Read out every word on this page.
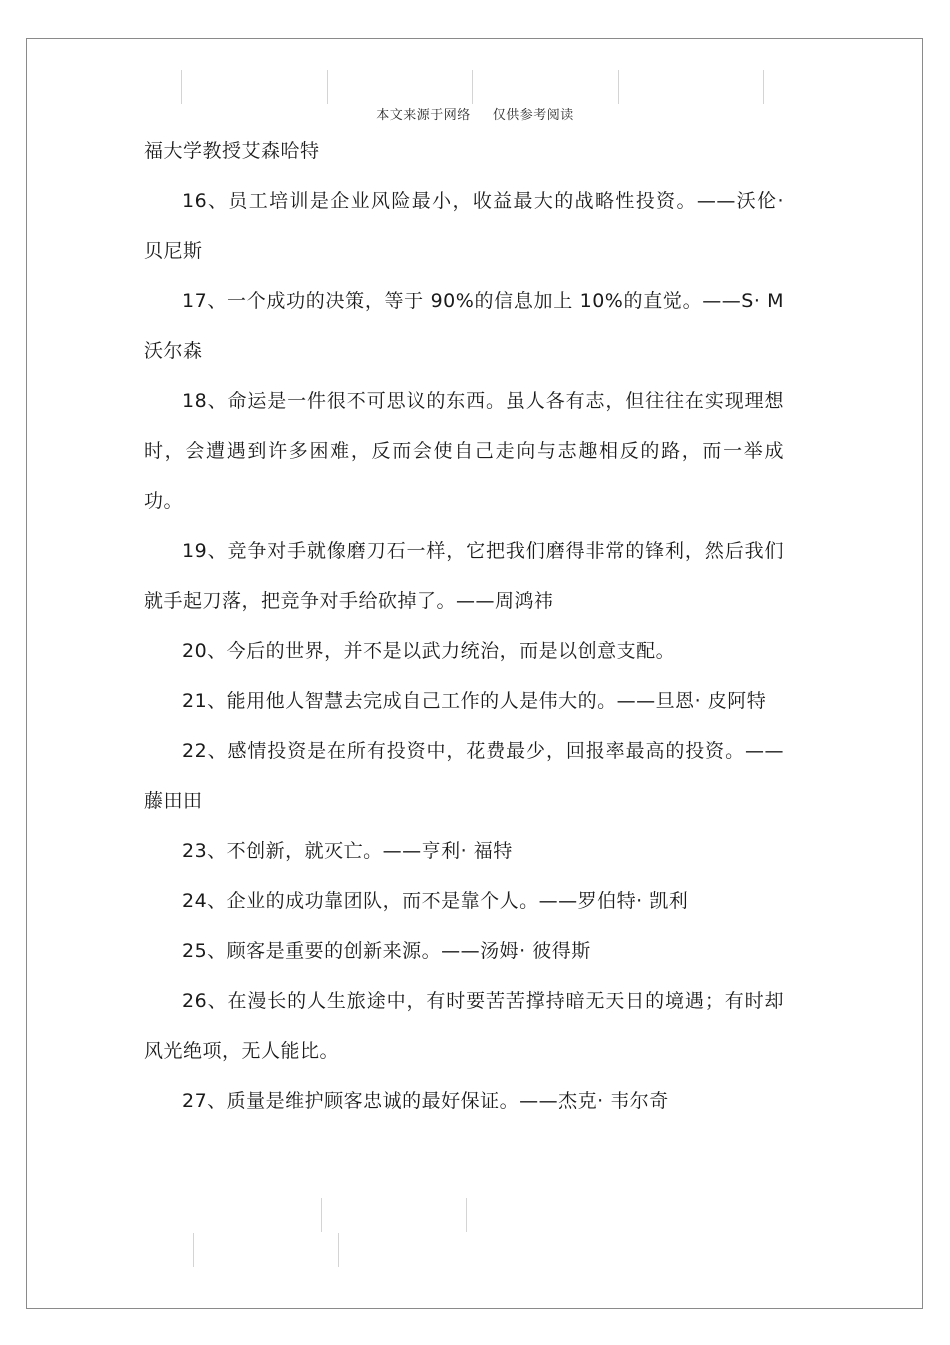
本文来源于网络 仅供参考阅读

福大学教授艾森哈特

16、员工培训是企业风险最小，收益最大的战略性投资。——沃伦· 贝尼斯

17、一个成功的决策，等于 90%的信息加上 10%的直觉。——S· M 沃尔森

18、命运是一件很不可思议的东西。虽人各有志，但往往在实现理想时，会遭遇到许多困难，反而会使自己走向与志趣相反的路，而一举成功。

19、竞争对手就像磨刀石一样，它把我们磨得非常的锋利，然后我们就手起刀落，把竞争对手给砍掉了。——周鸿祎

20、今后的世界，并不是以武力统治，而是以创意支配。

21、能用他人智慧去完成自己工作的人是伟大的。——旦恩· 皮阿特

22、感情投资是在所有投资中，花费最少，回报率最高的投资。——藤田田

23、不创新，就灭亡。——亨利· 福特

24、企业的成功靠团队，而不是靠个人。——罗伯特· 凯利

25、顾客是重要的创新来源。——汤姆· 彼得斯

26、在漫长的人生旅途中，有时要苦苦撑持暗无天日的境遇；有时却风光绝项，无人能比。

27、质量是维护顾客忠诚的最好保证。——杰克· 韦尔奇
